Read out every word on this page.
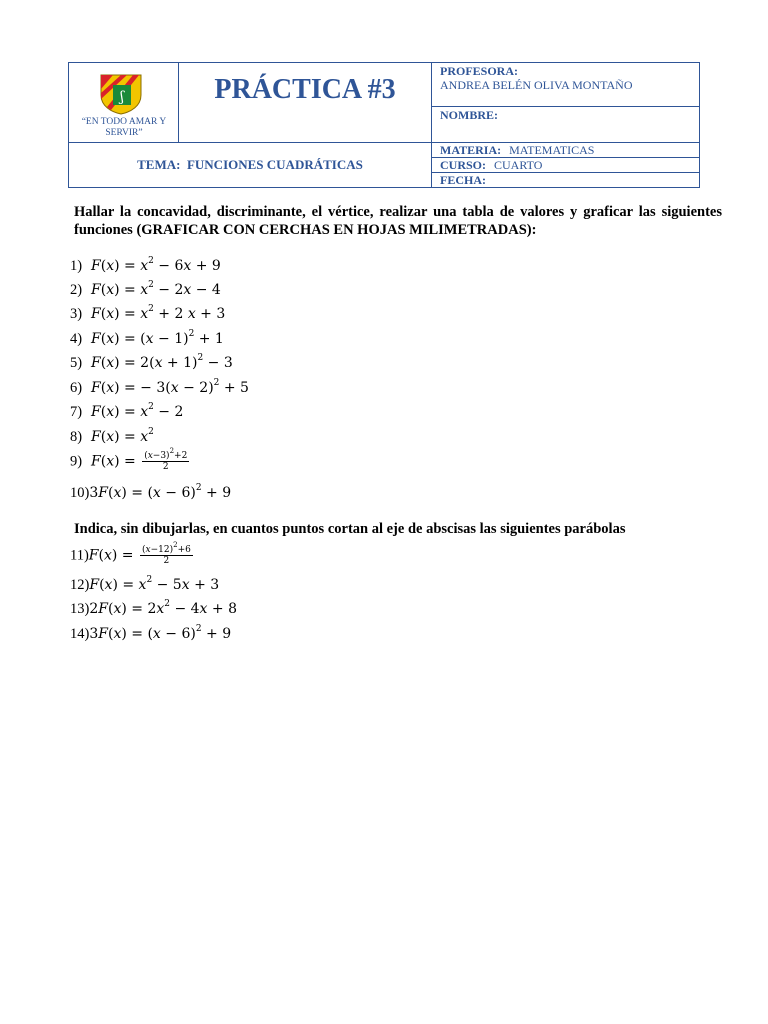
ʃ
“EN TODO AMAR Y SERVIR”
PRÁCTICA #3
TEMA: FUNCIONES CUADRÁTICAS
PROFESORA:
ANDREA BELÉN OLIVA MONTAÑO
NOMBRE:
MATERIA: MATEMATICAS
CURSO: CUARTO
FECHA:
Hallar la concavidad, discriminante, el vértice, realizar una tabla de valores y graficar las siguientes funciones (GRAFICAR CON CERCHAS EN HOJAS MILIMETRADAS):
1) $F(x) = x^2 - 6x + 9$
2) $F(x) = x^2 - 2x - 4$
3) $F(x) = x^2 + 2$ x + 3
4) $F(x) = (x - 1)^2 + 1$
5) $F(x) = 2(x + 1)^2 - 3$
6) F(x) = − $3(x - 2)^2 + 5$
7) $F(x) = x^2 - 2$
8) $F(x) = x^2$
9) $F(x) = \frac{(x-3)^2+2}{2}$
$10)3F(x) = (x - 6)^2 + 9$
Indica, sin dibujarlas, en cuantos puntos cortan al eje de abscisas las siguientes parábolas
$11)F(x) = \frac{(x-12)^2+6}{2}$
$12)F(x) = x^2 - 5x + 3$
$13)2F(x) = 2x^2 - 4x + 8$
$14)3F(x) = (x - 6)^2 + 9$
